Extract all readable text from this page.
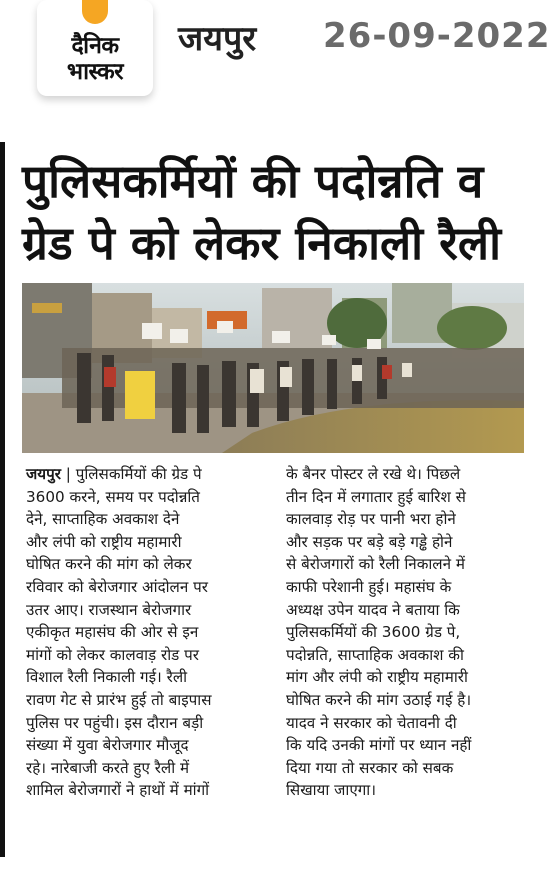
दैनिक
भास्कर
जयपुर 26-09-2022
पुलिसकर्मियों की पदोन्नति व
ग्रेड पे को लेकर निकाली रैली
जयपुर | पुलिसकर्मियों की ग्रेड पे
3600 करने, समय पर पदोन्नति
देने, साप्ताहिक अवकाश देने
और लंपी को राष्ट्रीय महामारी
घोषित करने की मांग को लेकर
रविवार को बेरोजगार आंदोलन पर
उतर आए। राजस्थान बेरोजगार
एकीकृत महासंघ की ओर से इन
मांगों को लेकर कालवाड़ रोड पर
विशाल रैली निकाली गई। रैली
रावण गेट से प्रारंभ हुई तो बाइपास
पुलिस पर पहुंची। इस दौरान बड़ी
संख्या में युवा बेरोजगार मौजूद
रहे। नारेबाजी करते हुए रैली में
शामिल बेरोजगारों ने हाथों में मांगों
के बैनर पोस्टर ले रखे थे। पिछले
तीन दिन में लगातार हुई बारिश से
कालवाड़ रोड़ पर पानी भरा होने
और सड़क पर बड़े बड़े गड्ढे होने
से बेरोजगारों को रैली निकालने में
काफी परेशानी हुई। महासंघ के
अध्यक्ष उपेन यादव ने बताया कि
पुलिसकर्मियों की 3600 ग्रेड पे,
पदोन्नति, साप्ताहिक अवकाश की
मांग और लंपी को राष्ट्रीय महामारी
घोषित करने की मांग उठाई गई है।
यादव ने सरकार को चेतावनी दी
कि यदि उनकी मांगों पर ध्यान नहीं
दिया गया तो सरकार को सबक
सिखाया जाएगा।
